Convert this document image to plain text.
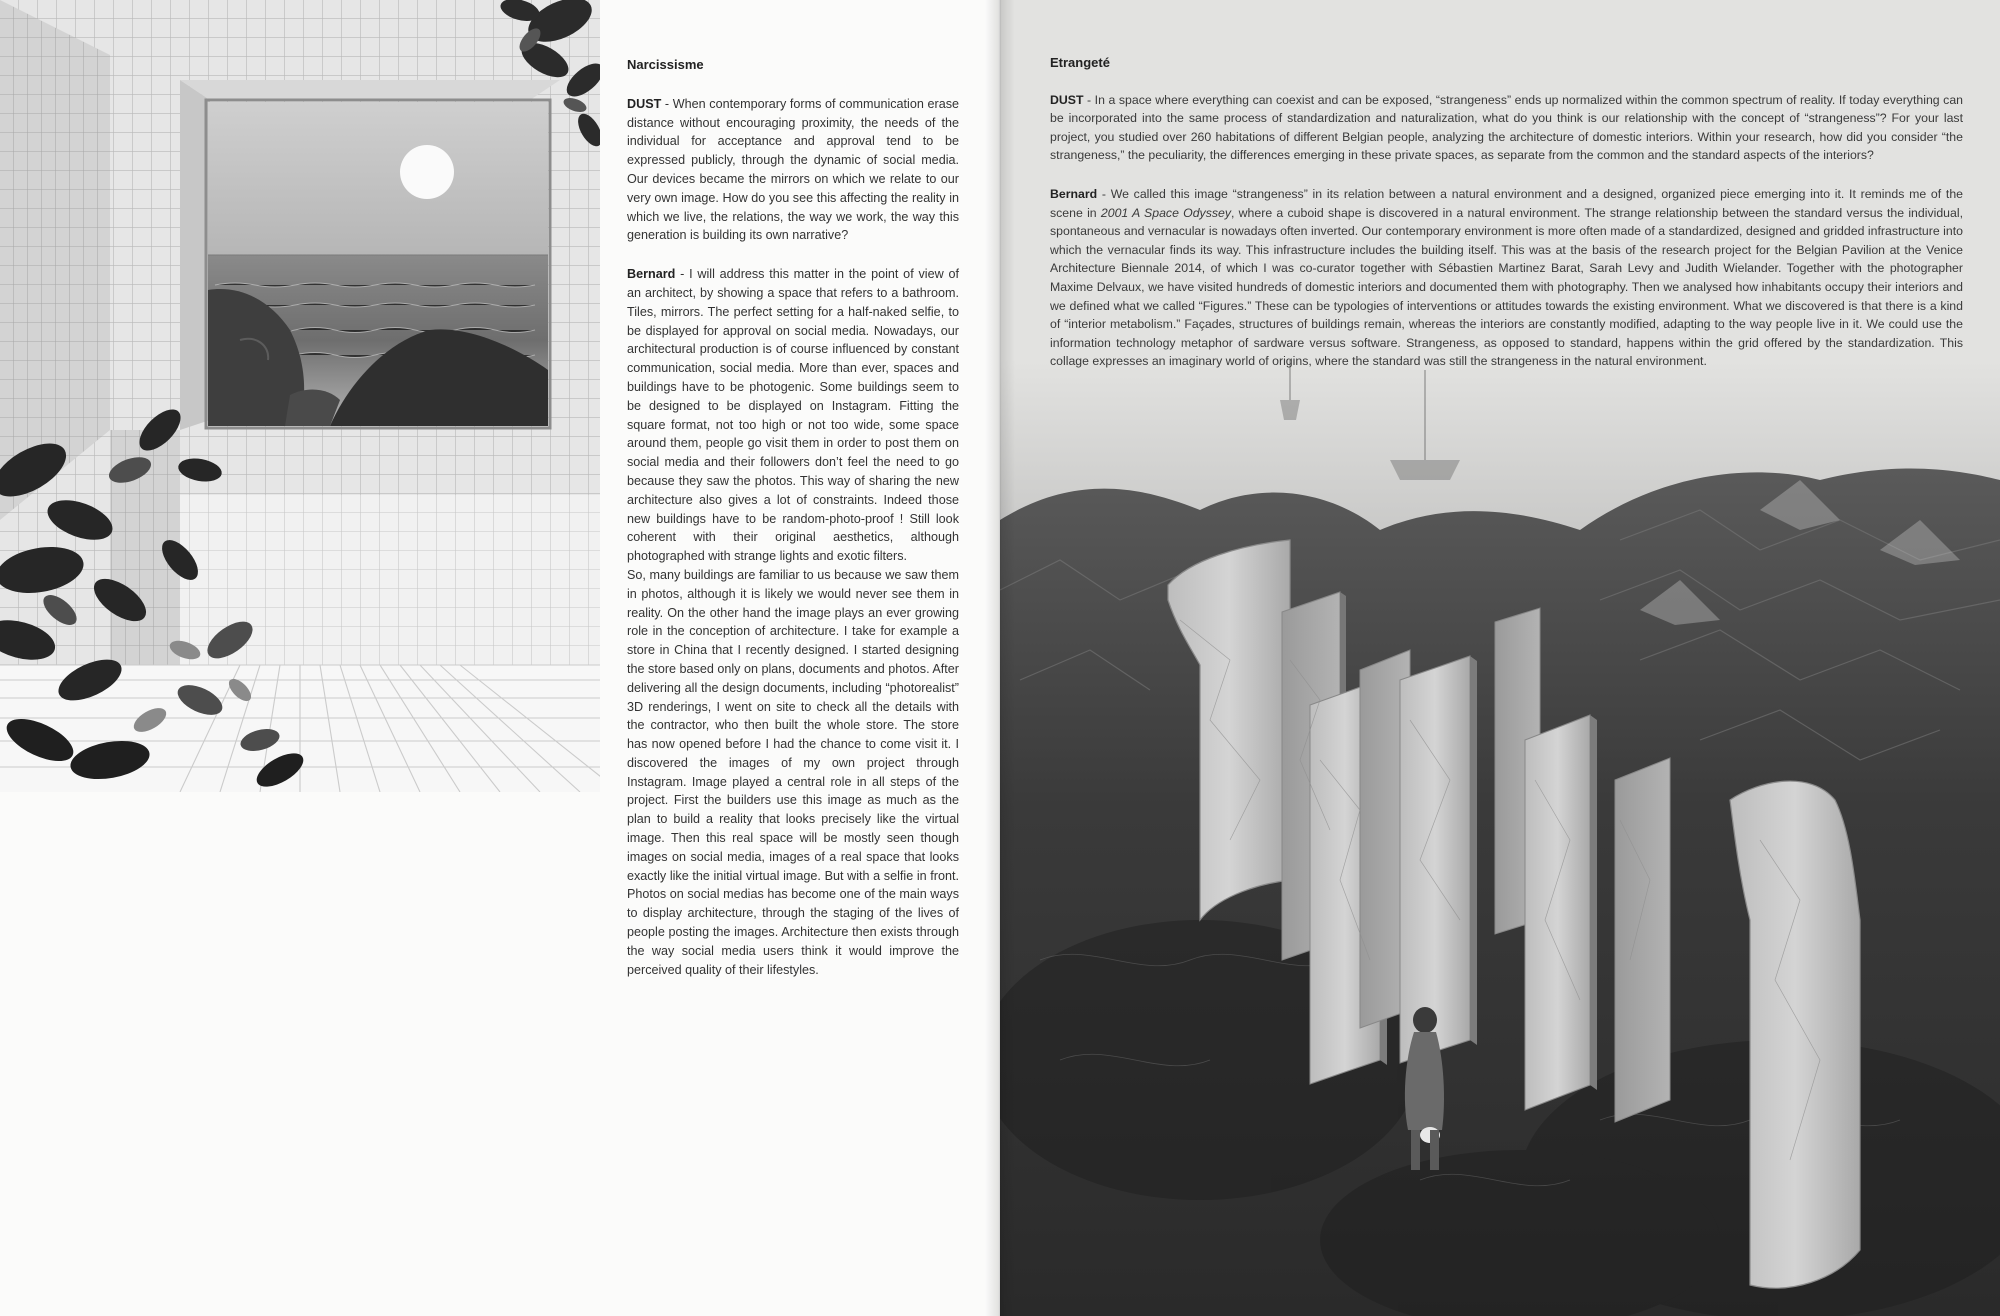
Narcissisme

DUST - When contemporary forms of communication erase distance without encouraging proximity, the needs of the individual for acceptance and approval tend to be expressed publicly, through the dynamic of social media. Our devices became the mirrors on which we relate to our very own image. How do you see this affecting the reality in which we live, the relations, the way we work, the way this generation is building its own narrative?

Bernard - I will address this matter in the point of view of an architect, by showing a space that refers to a bathroom. Tiles, mirrors. The perfect setting for a half-naked selfie, to be displayed for approval on social media. Nowadays, our architectural production is of course influenced by constant communication, social media. More than ever, spaces and buildings have to be photogenic. Some buildings seem to be designed to be displayed on Instagram. Fitting the square format, not too high or not too wide, some space around them, people go visit them in order to post them on social media and their followers don’t feel the need to go because they saw the photos. This way of sharing the new architecture also gives a lot of constraints. Indeed those new buildings have to be random-photo-proof ! Still look coherent with their original aesthetics, although photographed with strange lights and exotic filters.

So, many buildings are familiar to us because we saw them in photos, although it is likely we would never see them in reality. On the other hand the image plays an ever growing role in the conception of architecture. I take for example a store in China that I recently designed. I started designing the store based only on plans, documents and photos. After delivering all the design documents, including “photorealist” 3D renderings, I went on site to check all the details with the contractor, who then built the whole store. The store has now opened before I had the chance to come visit it. I discovered the images of my own project through Instagram. Image played a central role in all steps of the project. First the builders use this image as much as the plan to build a reality that looks precisely like the virtual image. Then this real space will be mostly seen though images on social media, images of a real space that looks exactly like the initial virtual image. But with a selfie in front. Photos on social medias has become one of the main ways to display architecture, through the staging of the lives of people posting the images. Architecture then exists through the way social media users think it would improve the perceived quality of their lifestyles.

Etrangeté

DUST - In a space where everything can coexist and can be exposed, “strangeness” ends up normalized within the common spectrum of reality. If today everything can be incorporated into the same process of standardization and naturalization, what do you think is our relationship with the concept of “strangeness”? For your last project, you studied over 260 habitations of different Belgian people, analyzing the architecture of domestic interiors. Within your research, how did you consider “the strangeness,” the peculiarity, the differences emerging in these private spaces, as separate from the common and the standard aspects of the interiors?

Bernard - We called this image “strangeness” in its relation between a natural environment and a designed, organized piece emerging into it. It reminds me of the scene in 2001 A Space Odyssey, where a cuboid shape is discovered in a natural environment. The strange relationship between the standard versus the individual, spontaneous and vernacular is nowadays often inverted. Our contemporary environment is more often made of a standardized, designed and gridded infrastructure into which the vernacular finds its way. This infrastructure includes the building itself. This was at the basis of the research project for the Belgian Pavilion at the Venice Architecture Biennale 2014, of which I was co-curator together with Sébastien Martinez Barat, Sarah Levy and Judith Wielander. Together with the photographer Maxime Delvaux, we have visited hundreds of domestic interiors and documented them with photography. Then we analysed how inhabitants occupy their interiors and we defined what we called “Figures.” These can be typologies of interventions or attitudes towards the existing environment. What we discovered is that there is a kind of “interior metabolism.” Façades, structures of buildings remain, whereas the interiors are constantly modified, adapting to the way people live in it. We could use the information technology metaphor of sardware versus software. Strangeness, as opposed to standard, happens within the grid offered by the standardization. This collage expresses an imaginary world of origins, where the standard was still the strangeness in the natural environment.
